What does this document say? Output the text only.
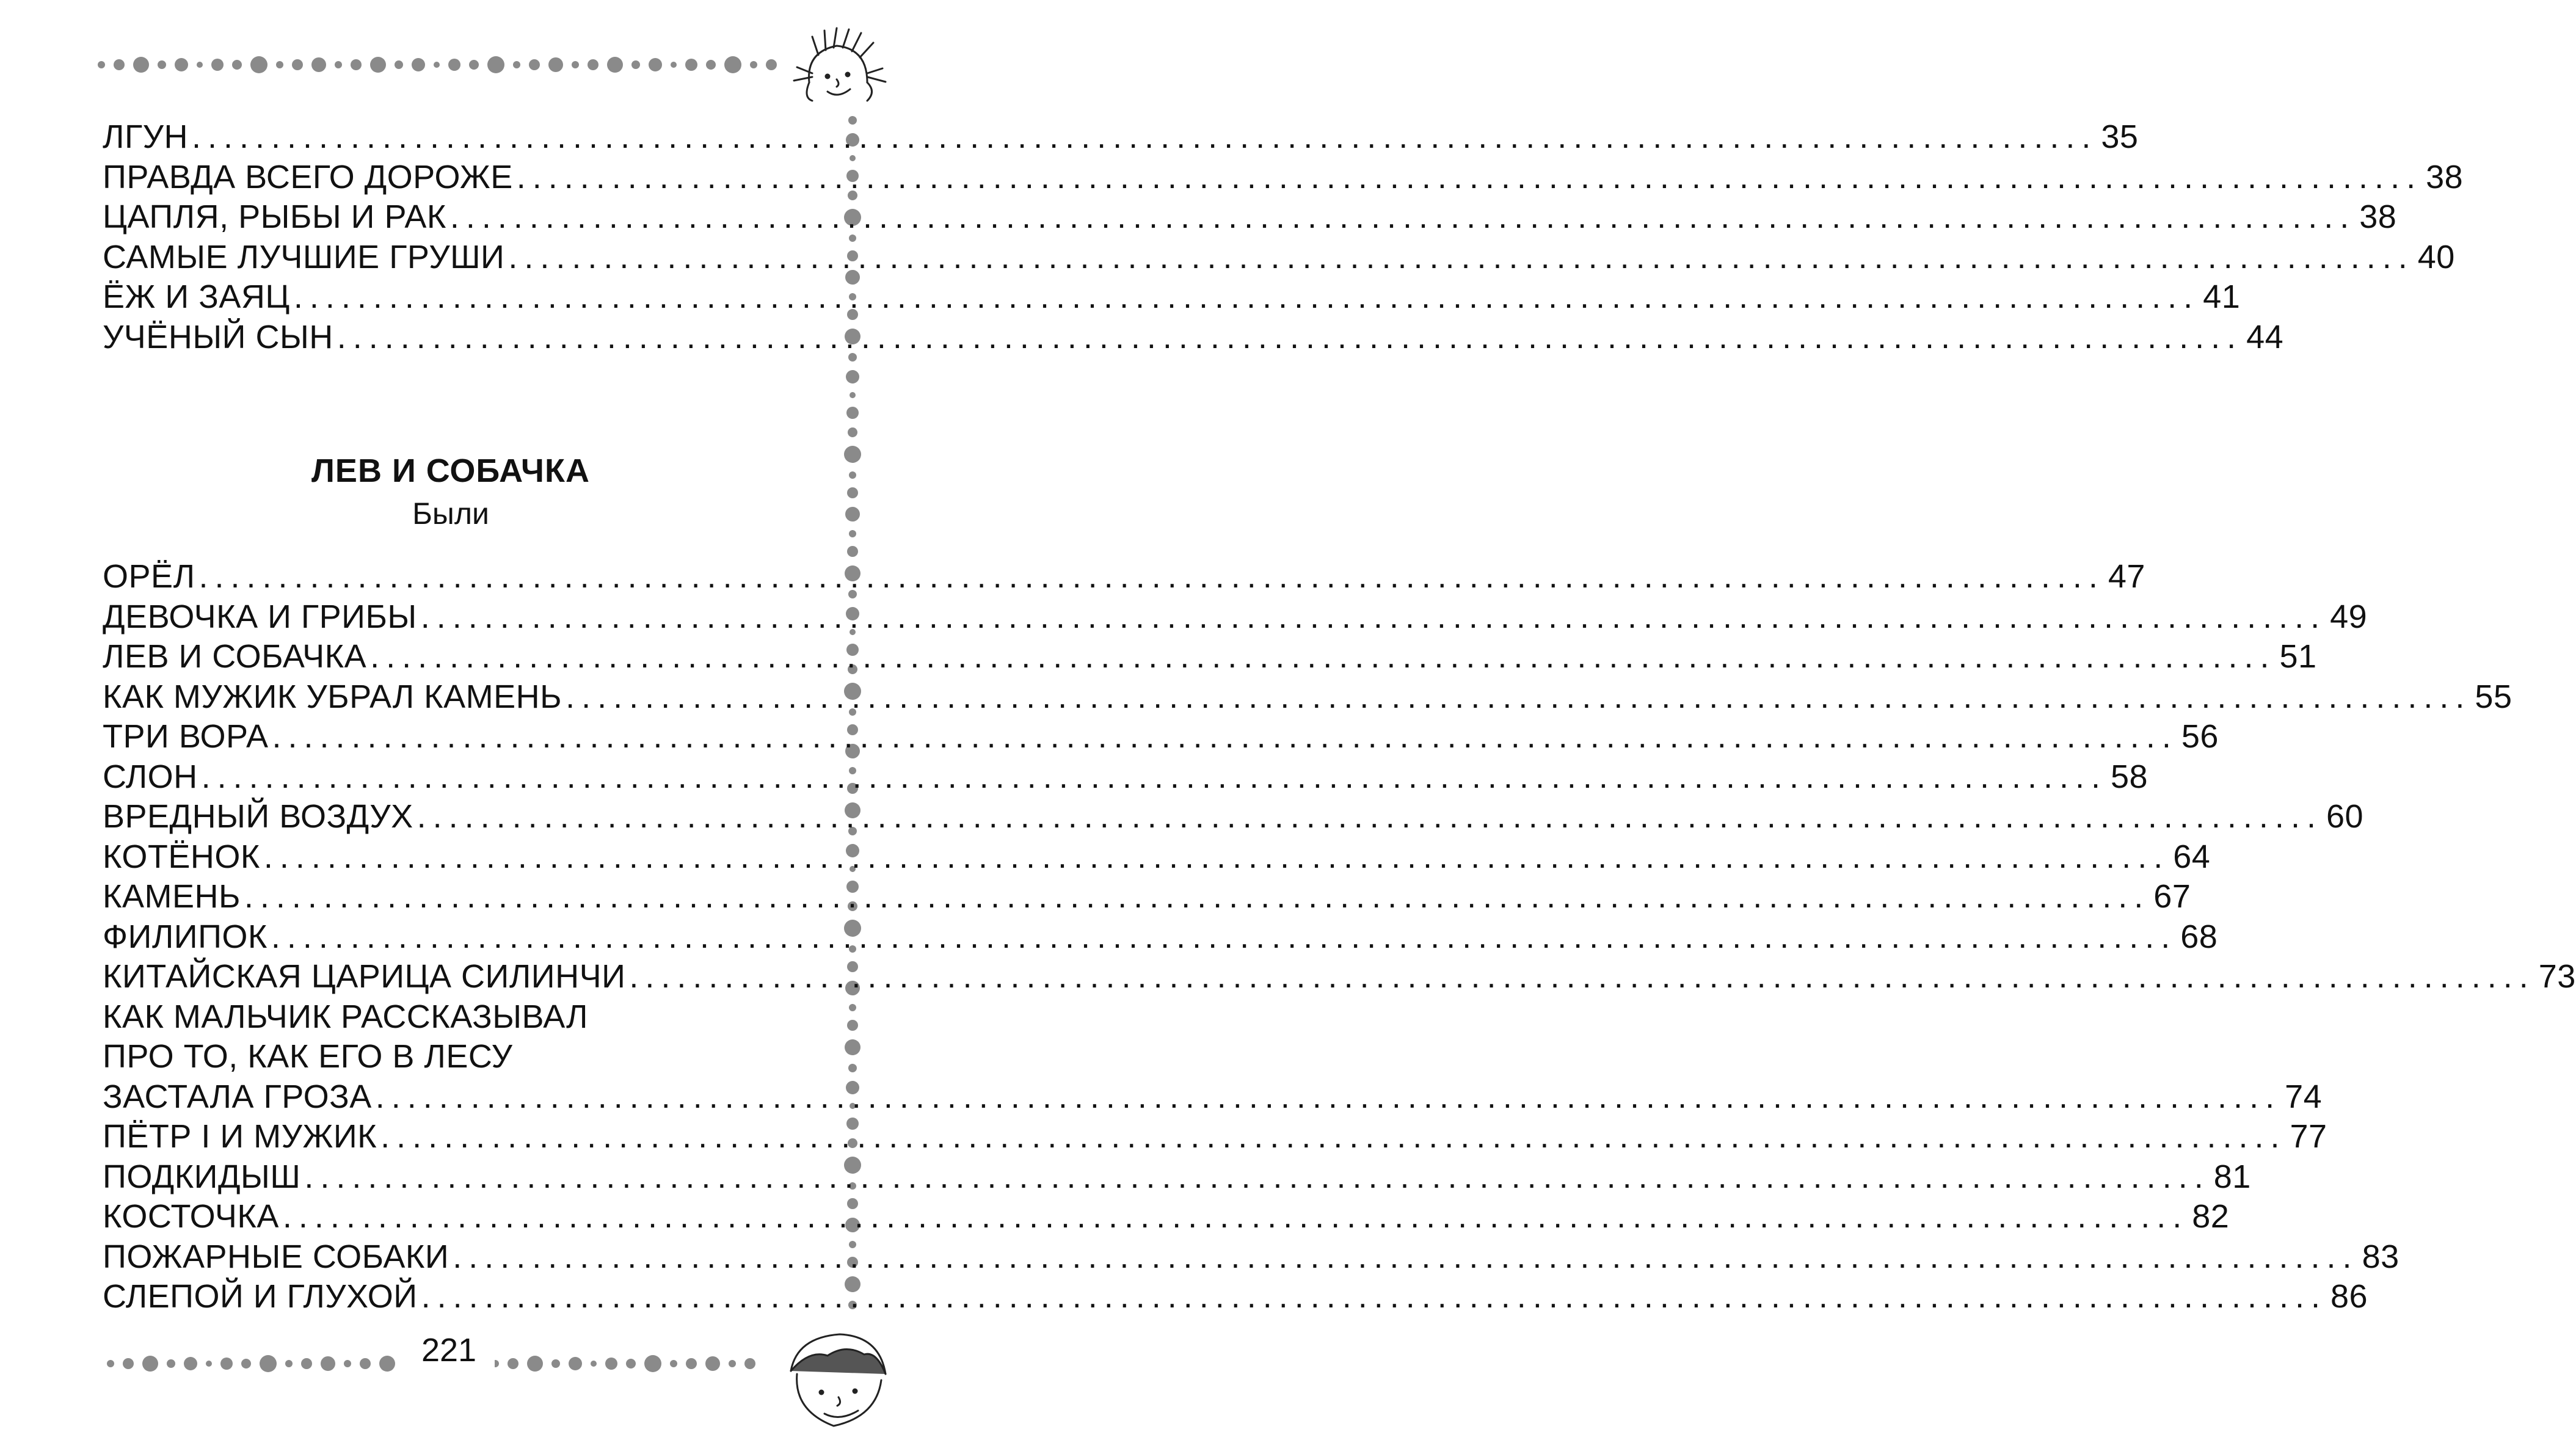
ЛГУН ........................................................................................................................ 35
ПРАВДА ВСЕГО ДОРОЖЕ ........................................................................................................................ 38
ЦАПЛЯ, РЫБЫ И РАК ........................................................................................................................ 38
САМЫЕ ЛУЧШИЕ ГРУШИ ........................................................................................................................ 40
ЁЖ И ЗАЯЦ ........................................................................................................................ 41
УЧЁНЫЙ СЫН ........................................................................................................................ 44
ЛЕВ И СОБАЧКА
Были
ОРЁЛ ........................................................................................................................ 47
ДЕВОЧКА И ГРИБЫ ........................................................................................................................ 49
ЛЕВ И СОБАЧКА ........................................................................................................................ 51
КАК МУЖИК УБРАЛ КАМЕНЬ ........................................................................................................................ 55
ТРИ ВОРА ........................................................................................................................ 56
СЛОН ........................................................................................................................ 58
ВРЕДНЫЙ ВОЗДУХ ........................................................................................................................ 60
КОТЁНОК ........................................................................................................................ 64
КАМЕНЬ ........................................................................................................................ 67
ФИЛИПОК ........................................................................................................................ 68
КИТАЙСКАЯ ЦАРИЦА СИЛИНЧИ ........................................................................................................................ 73
КАК МАЛЬЧИК РАССКАЗЫВАЛ
ПРО ТО, КАК ЕГО В ЛЕСУ
ЗАСТАЛА ГРОЗА ........................................................................................................................ 74
ПЁТР I И МУЖИК ........................................................................................................................ 77
ПОДКИДЫШ ........................................................................................................................ 81
КОСТОЧКА ........................................................................................................................ 82
ПОЖАРНЫЕ СОБАКИ ........................................................................................................................ 83
СЛЕПОЙ И ГЛУХОЙ ........................................................................................................................ 86
221
